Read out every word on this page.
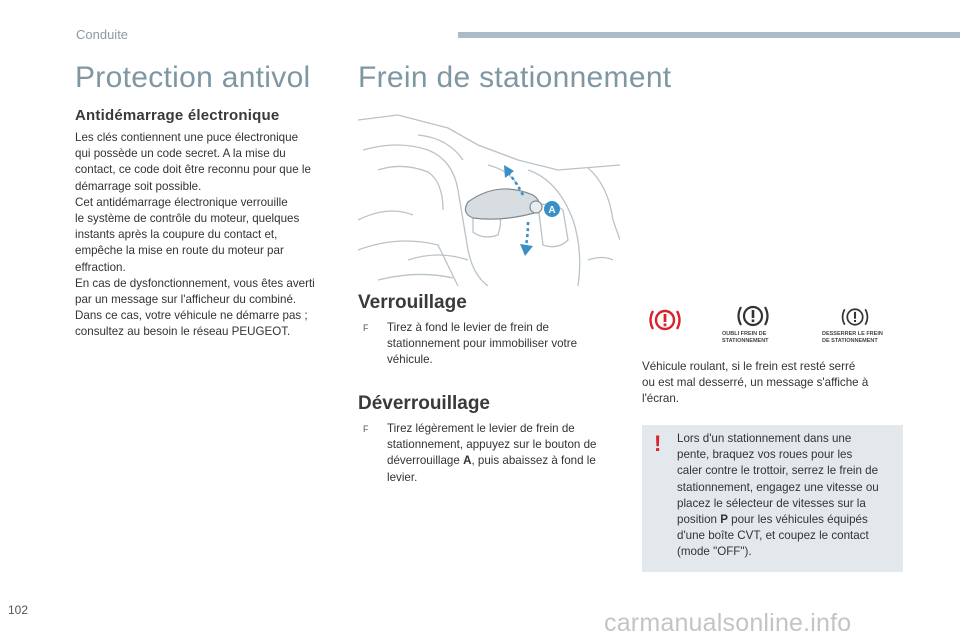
Conduite
Protection antivol
Antidémarrage électronique
Les clés contiennent une puce électronique
qui possède un code secret. A la mise du
contact, ce code doit être reconnu pour que le
démarrage soit possible.
Cet antidémarrage électronique verrouille
le système de contrôle du moteur, quelques
instants après la coupure du contact et,
empêche la mise en route du moteur par
effraction.
En cas de dysfonctionnement, vous êtes averti
par un message sur l'afficheur du combiné.
Dans ce cas, votre véhicule ne démarre pas ;
consultez au besoin le réseau PEUGEOT.
Frein de stationnement
A
Verrouillage
F Tirez à fond le levier de frein de
stationnement pour immobiliser votre
véhicule.
Déverrouillage
F Tirez légèrement le levier de frein de
stationnement, appuyez sur le bouton de
déverrouillage A, puis abaissez à fond le
levier.
OUBLI FREIN DE
STATIONNEMENT
DESSERRER LE FREIN
DE STATIONNEMENT
Véhicule roulant, si le frein est resté serré
ou est mal desserré, un message s'affiche à
l'écran.
! Lors d'un stationnement dans une
pente, braquez vos roues pour les
caler contre le trottoir, serrez le frein de
stationnement, engagez une vitesse ou
placez le sélecteur de vitesses sur la
position P pour les véhicules équipés
d'une boîte CVT, et coupez le contact
(mode "OFF").
102	carmanualsonline.info
